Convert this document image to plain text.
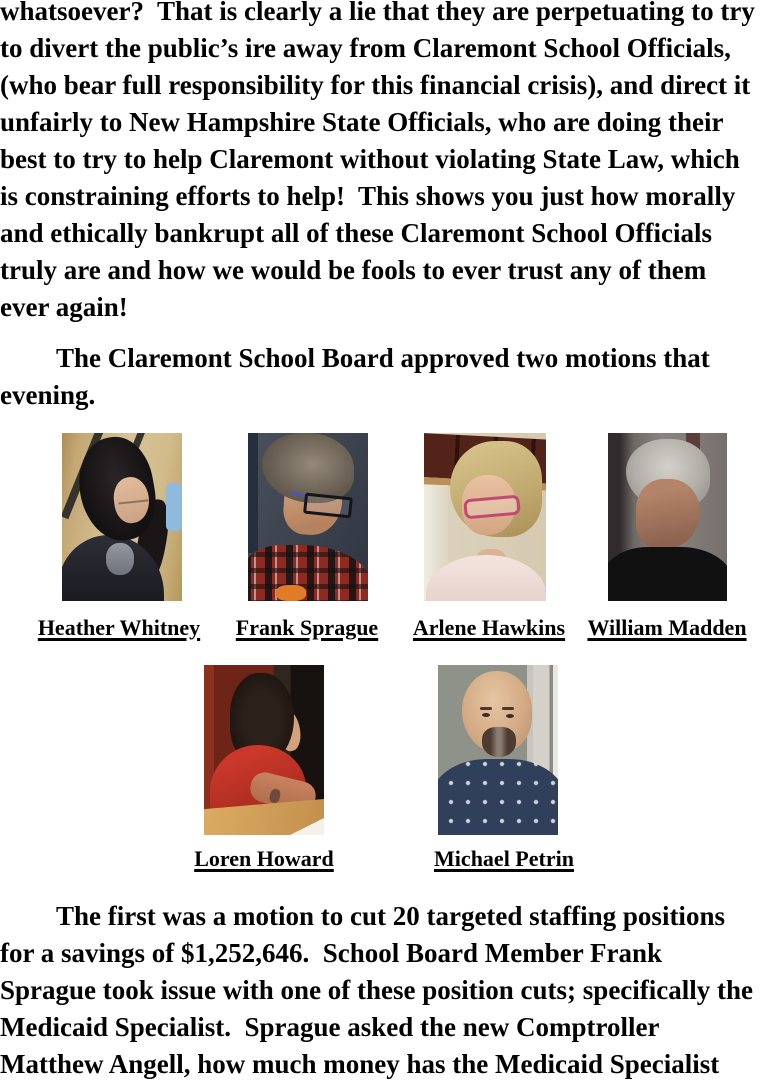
whatsoever?  That is clearly a lie that they are perpetuating to try
to divert the public’s ire away from Claremont School Officials,
(who bear full responsibility for this financial crisis), and direct it
unfairly to New Hampshire State Officials, who are doing their
best to try to help Claremont without violating State Law, which
is constraining efforts to help!  This shows you just how morally
and ethically bankrupt all of these Claremont School Officials
truly are and how we would be fools to ever trust any of them
ever again!
The Claremont School Board approved two motions that
evening.
Heather Whitney	Frank Sprague	Arlene Hawkins	William Madden
Loren Howard	Michael Petrin
The first was a motion to cut 20 targeted staffing positions
for a savings of $1,252,646.  School Board Member Frank
Sprague took issue with one of these position cuts; specifically the
Medicaid Specialist.  Sprague asked the new Comptroller
Matthew Angell, how much money has the Medicaid Specialist
